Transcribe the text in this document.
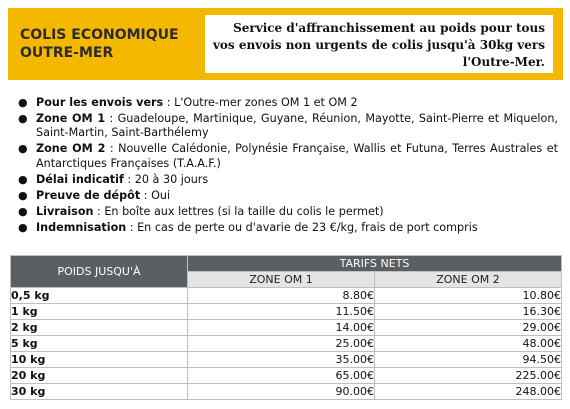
COLIS ECONOMIQUE
OUTRE-MER
Service d'affranchissement au poids pour tous
vos envois non urgents de colis jusqu'à 30kg vers
l'Outre-Mer.
● Pour les envois vers : L'Outre-mer zones OM 1 et OM 2
● Zone OM 1 : Guadeloupe, Martinique, Guyane, Réunion, Mayotte, Saint-Pierre et Miquelon, Saint-Martin, Saint-Barthélemy
● Zone OM 2 : Nouvelle Calédonie, Polynésie Française, Wallis et Futuna, Terres Australes et Antarctiques Françaises (T.A.A.F.)
● Délai indicatif : 20 à 30 jours
● Preuve de dépôt : Oui
● Livraison : En boîte aux lettres (si la taille du colis le permet)
● Indemnisation : En cas de perte ou d'avarie de 23 €/kg, frais de port compris
POIDS JUSQU'À	TARIFS NETS	
	ZONE OM 1	ZONE OM 2
0,5 kg	8.80€	10.80€
1 kg	11.50€	16.30€
2 kg	14.00€	29.00€
5 kg	25.00€	48.00€
10 kg	35.00€	94.50€
20 kg	65.00€	225.00€
30 kg	90.00€	248.00€
